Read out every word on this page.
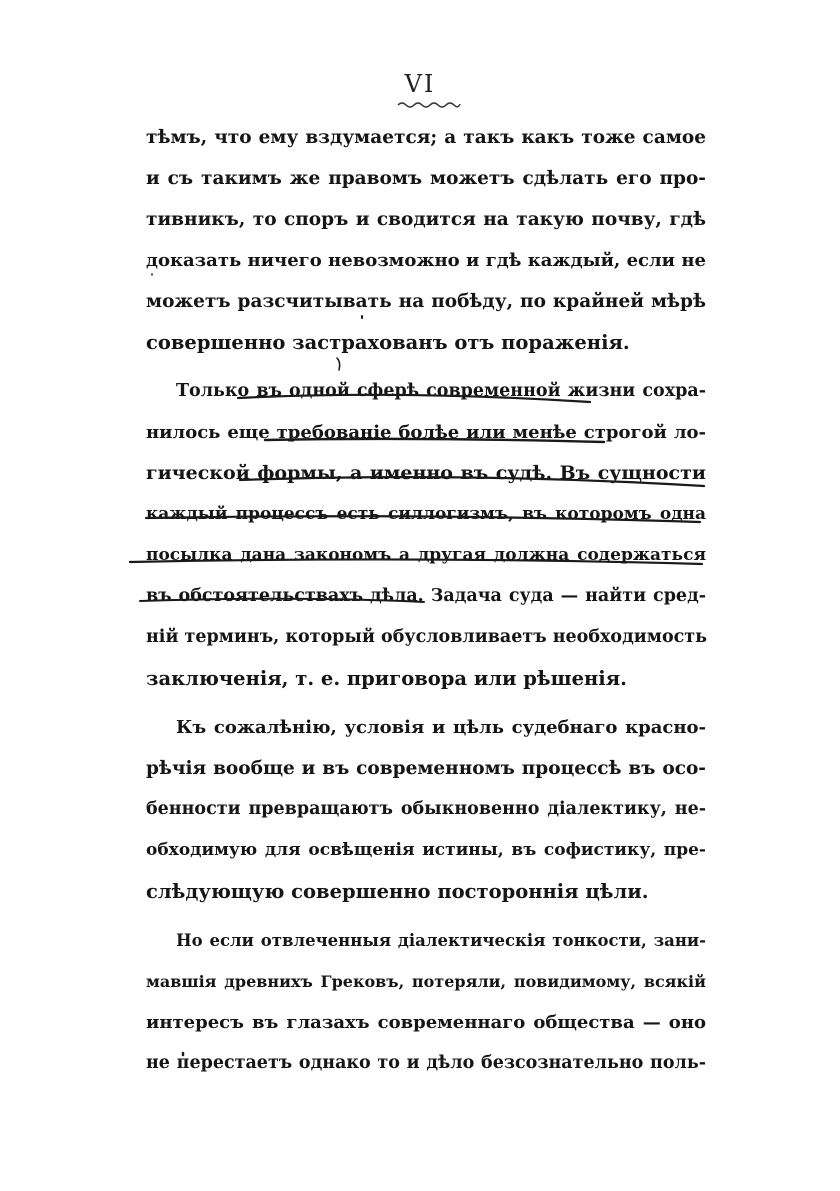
VI
тѣмъ, что ему вздумается; а такъ какъ тоже самое
и съ такимъ же правомъ можетъ сдѣлать его про-
тивникъ, то споръ и сводится на такую почву, гдѣ
доказать ничего невозможно и гдѣ каждый, если не
можетъ разсчитывать на побѣду, по крайней мѣрѣ
совершенно застрахованъ отъ пораженія.
Только въ одной сферѣ современной жизни сохра-
нилось еще требованіе болѣе или менѣе строгой ло-
гической формы, а именно въ судѣ. Въ сущности
каждый процессъ есть силлогизмъ, въ которомъ одна
посылка дана закономъ а другая должна содержаться
въ обстоятельствахъ дѣла. Задача суда — найти сред-
ній терминъ, который обусловливаетъ необходимость
заключенія, т. е. приговора или рѣшенія.
Къ сожалѣнію, условія и цѣль судебнаго красно-
рѣчія вообще и въ современномъ процессѣ въ осо-
бенности превращаютъ обыкновенно діалектику, не-
обходимую для освѣщенія истины, въ софистику, пре-
слѣдующую совершенно постороннія цѣли.
Но если отвлеченныя діалектическія тонкости, зани-
мавшія древнихъ Грековъ, потеряли, повидимому, всякій
интересъ въ глазахъ современнаго общества — оно
не перестаетъ однако то и дѣло безсознательно поль-
